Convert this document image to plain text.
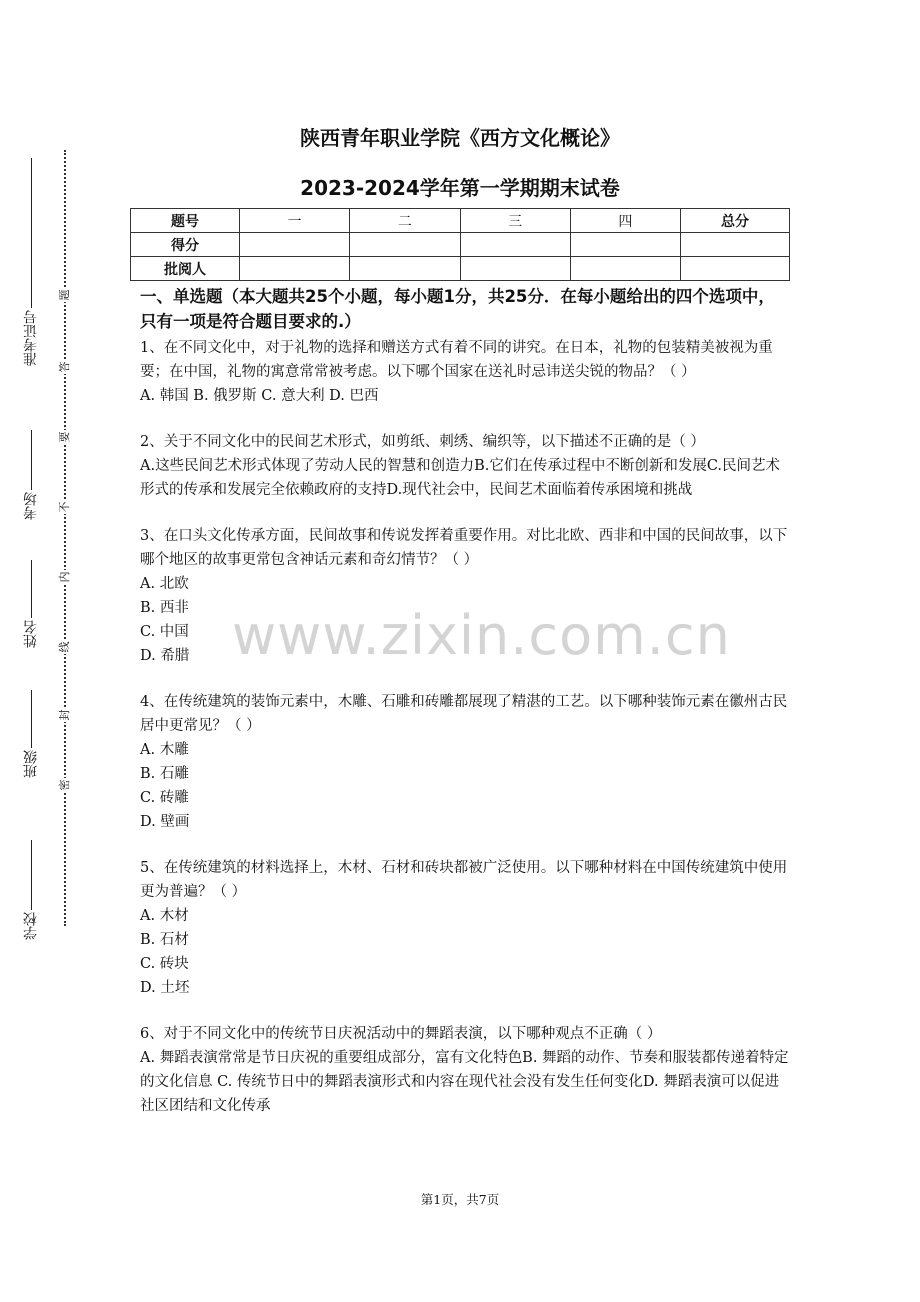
准考证号
考场
姓名
班级
学校
题
答
要
不
内
线
封
密
陕西青年职业学院《西方文化概论》
2023-2024学年第一学期期末试卷
题号	一	二	三	四	总分
得分					
批阅人					
一、单选题（本大题共25个小题，每小题1分，共25分．在每小题给出的四个选项中，只有一项是符合题目要求的.）

1、在不同文化中，对于礼物的选择和赠送方式有着不同的讲究。在日本，礼物的包装精美被视为重要；在中国，礼物的寓意常常被考虑。以下哪个国家在送礼时忌讳送尖锐的物品？（ ）

A. 韩国 B. 俄罗斯 C. 意大利 D. 巴西

2、关于不同文化中的民间艺术形式，如剪纸、刺绣、编织等，以下描述不正确的是（ ）

A.这些民间艺术形式体现了劳动人民的智慧和创造力B.它们在传承过程中不断创新和发展C.民间艺术形式的传承和发展完全依赖政府的支持D.现代社会中，民间艺术面临着传承困境和挑战

3、在口头文化传承方面，民间故事和传说发挥着重要作用。对比北欧、西非和中国的民间故事，以下哪个地区的故事更常包含神话元素和奇幻情节？（ ）

A. 北欧

B. 西非

C. 中国

D. 希腊

4、在传统建筑的装饰元素中，木雕、石雕和砖雕都展现了精湛的工艺。以下哪种装饰元素在徽州古民居中更常见？（ ）

A. 木雕

B. 石雕

C. 砖雕

D. 壁画

5、在传统建筑的材料选择上，木材、石材和砖块都被广泛使用。以下哪种材料在中国传统建筑中使用更为普遍？（ ）

A. 木材

B. 石材

C. 砖块

D. 土坯

6、对于不同文化中的传统节日庆祝活动中的舞蹈表演，以下哪种观点不正确（ ）

A. 舞蹈表演常常是节日庆祝的重要组成部分，富有文化特色B. 舞蹈的动作、节奏和服装都传递着特定的文化信息 C. 传统节日中的舞蹈表演形式和内容在现代社会没有发生任何变化D. 舞蹈表演可以促进社区团结和文化传承

www.zixin.com.cn
第1页，共7页
